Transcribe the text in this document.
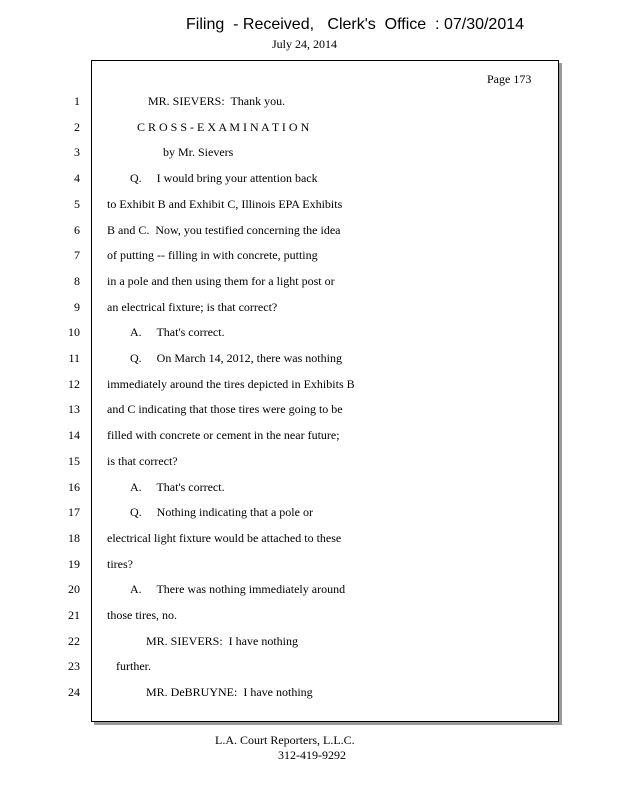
Filing  - Received,   Clerk's  Office  : 07/30/2014
July 24, 2014
Page 173
1	MR. SIEVERS:  Thank you.
2	C R O S S - E X A M I N A T I O N
3	by Mr. Sievers
4	Q.     I would bring your attention back
5 to Exhibit B and Exhibit C, Illinois EPA Exhibits
6 B and C.  Now, you testified concerning the idea
7 of putting -- filling in with concrete, putting
8 in a pole and then using them for a light post or
9 an electrical fixture; is that correct?
10	A.     That's correct.
11	Q.     On March 14, 2012, there was nothing
12 immediately around the tires depicted in Exhibits B
13 and C indicating that those tires were going to be
14 filled with concrete or cement in the near future;
15 is that correct?
16	A.     That's correct.
17	Q.     Nothing indicating that a pole or
18 electrical light fixture would be attached to these
19 tires?
20	A.     There was nothing immediately around
21 those tires, no.
22	MR. SIEVERS:  I have nothing
23	further.
24	MR. DeBRUYNE:  I have nothing
L.A. Court Reporters, L.L.C.
312-419-9292
